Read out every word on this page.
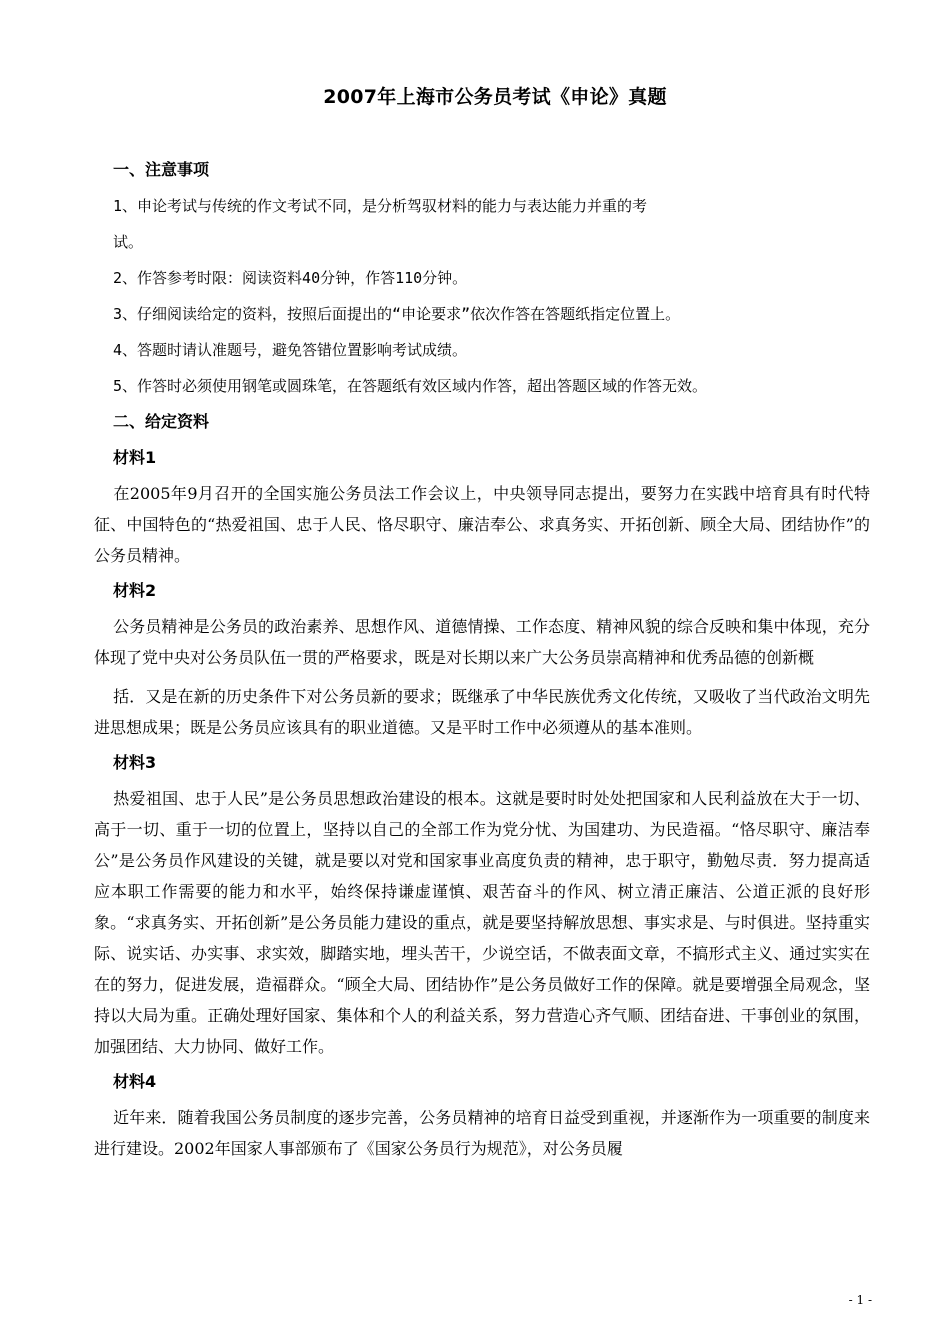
2007年上海市公务员考试《申论》真题
一、注意事项
1、申论考试与传统的作文考试不同，是分析驾驭材料的能力与表达能力并重的考
试。
2、作答参考时限：阅读资料40分钟，作答110分钟。
3、仔细阅读给定的资料，按照后面提出的“申论要求”依次作答在答题纸指定位置上。
4、答题时请认准题号，避免答错位置影响考试成绩。
5、作答时必须使用钢笔或圆珠笔，在答题纸有效区域内作答，超出答题区域的作答无效。
二、给定资料
材料1
在2005年9月召开的全国实施公务员法工作会议上，中央领导同志提出，要努力在实践中培育具有时代特征、中国特色的“热爱祖国、忠于人民、恪尽职守、廉洁奉公、求真务实、开拓创新、顾全大局、团结协作”的公务员精神。
材料2
公务员精神是公务员的政治素养、思想作风、道德情操、工作态度、精神风貌的综合反映和集中体现，充分体现了党中央对公务员队伍一贯的严格要求，既是对长期以来广大公务员崇高精神和优秀品德的创新概
括．又是在新的历史条件下对公务员新的要求；既继承了中华民族优秀文化传统，又吸收了当代政治文明先进思想成果；既是公务员应该具有的职业道德。又是平时工作中必须遵从的基本准则。
材料3
热爱祖国、忠于人民”是公务员思想政治建设的根本。这就是要时时处处把国家和人民利益放在大于一切、高于一切、重于一切的位置上，坚持以自己的全部工作为党分忧、为国建功、为民造福。“恪尽职守、廉洁奉公”是公务员作风建设的关键，就是要以对党和国家事业高度负责的精神，忠于职守，勤勉尽责．努力提高适应本职工作需要的能力和水平，始终保持谦虚谨慎、艰苦奋斗的作风、树立清正廉洁、公道正派的良好形象。“求真务实、开拓创新”是公务员能力建设的重点，就是要坚持解放思想、事实求是、与时俱进。坚持重实际、说实话、办实事、求实效，脚踏实地，埋头苦干，少说空话，不做表面文章，不搞形式主义、通过实实在在的努力，促进发展，造福群众。“顾全大局、团结协作”是公务员做好工作的保障。就是要增强全局观念，坚持以大局为重。正确处理好国家、集体和个人的利益关系，努力营造心齐气顺、团结奋进、干事创业的氛围，加强团结、大力协同、做好工作。
材料4
近年来．随着我国公务员制度的逐步完善，公务员精神的培育日益受到重视，并逐渐作为一项重要的制度来进行建设。2002年国家人事部颁布了《国家公务员行为规范》，对公务员履
- 1 -
